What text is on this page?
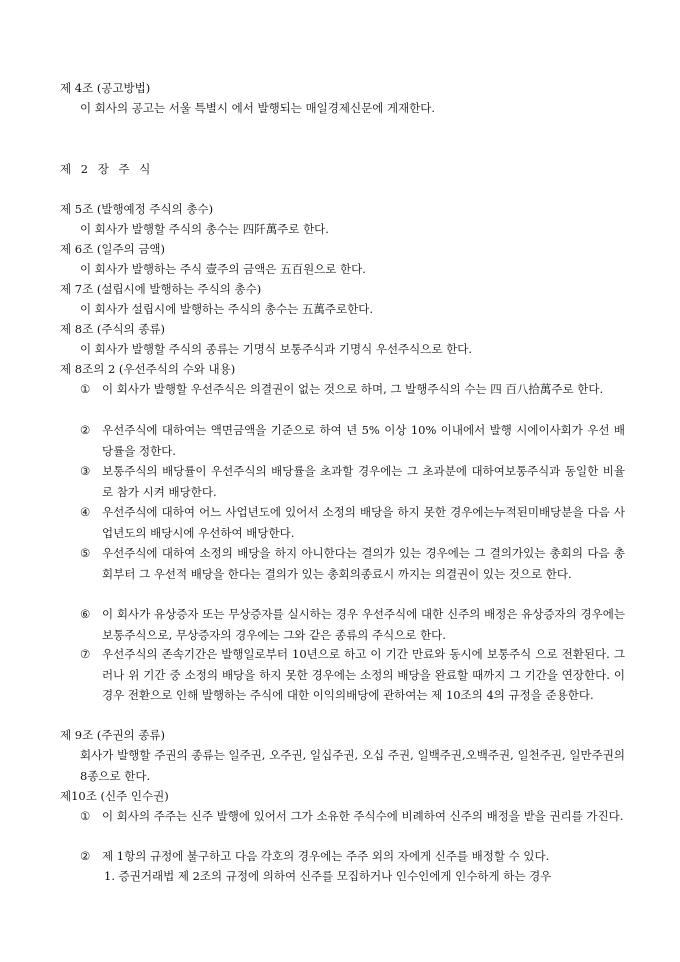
제 4조 (공고방법)
이 회사의 공고는 서울 특별시 에서 발행되는 매일경제신문에 게재한다.
제 2 장 주 식
제 5조 (발행예정 주식의 총수)
이 회사가 발행할 주식의 총수는 四阡萬주로 한다.
제 6조 (일주의 금액)
이 회사가 발행하는 주식 壹주의 금액은 五百원으로 한다.
제 7조 (설립시에 발행하는 주식의 총수)
이 회사가 설립시에 발행하는 주식의 총수는 五萬주로한다.
제 8조 (주식의 종류)
이 회사가 발행할 주식의 종류는 기명식 보통주식과 기명식 우선주식으로 한다.
제 8조의 2 (우선주식의 수와 내용)
①	이 회사가 발행할 우선주식은 의결권이 없는 것으로 하며, 그 발행주식의 수는 四 百八拾萬주로 한다.
②	우선주식에 대하여는 액면금액을 기준으로 하여 년 5% 이상 10% 이내에서 발행 시에이사회가 우선 배당률을 정한다.
③	보통주식의 배당률이 우선주식의 배당률을 초과할 경우에는 그 초과분에 대하여보통주식과 동일한 비율로 참가 시켜 배당한다.
④	우선주식에 대하여 어느 사업년도에 있어서 소정의 배당을 하지 못한 경우에는누적된미배당분을 다음 사업년도의 배당시에 우선하여 배당한다.
⑤	우선주식에 대하여 소정의 배당을 하지 아니한다는 결의가 있는 경우에는 그 결의가있는 총회의 다음 총회부터 그 우선적 배당을 한다는 결의가 있는 총회의종료시 까지는 의결권이 있는 것으로 한다.
⑥	이 회사가 유상증자 또는 무상증자를 실시하는 경우 우선주식에 대한 신주의 배정은 유상증자의 경우에는 보통주식으로, 무상증자의 경우에는 그와 같은 종류의 주식으로 한다.
⑦	우선주식의 존속기간은 발행일로부터 10년으로 하고 이 기간 만료와 동시에 보통주식 으로 전환된다. 그러나 위 기간 중 소정의 배당을 하지 못한 경우에는 소정의 배당을 완료할 때까지 그 기간을 연장한다. 이 경우 전환으로 인해 발행하는 주식에 대한 이익의배당에 관하여는 제 10조의 4의 규정을 준용한다.
제 9조 (주권의 종류)
회사가 발행할 주권의 종류는 일주권, 오주권, 일십주권, 오십 주권, 일백주권,오백주권, 일천주권, 일만주권의 8종으로 한다.
제10조 (신주 인수권)
①	이 회사의 주주는 신주 발행에 있어서 그가 소유한 주식수에 비례하여 신주의 배정을 받을 권리를 가진다.
②	제 1항의 규정에 불구하고 다음 각호의 경우에는 주주 외의 자에게 신주를 배정할 수 있다.
1. 증권거래법 제 2조의 규정에 의하여 신주를 모집하거나 인수인에게 인수하게 하는 경우
